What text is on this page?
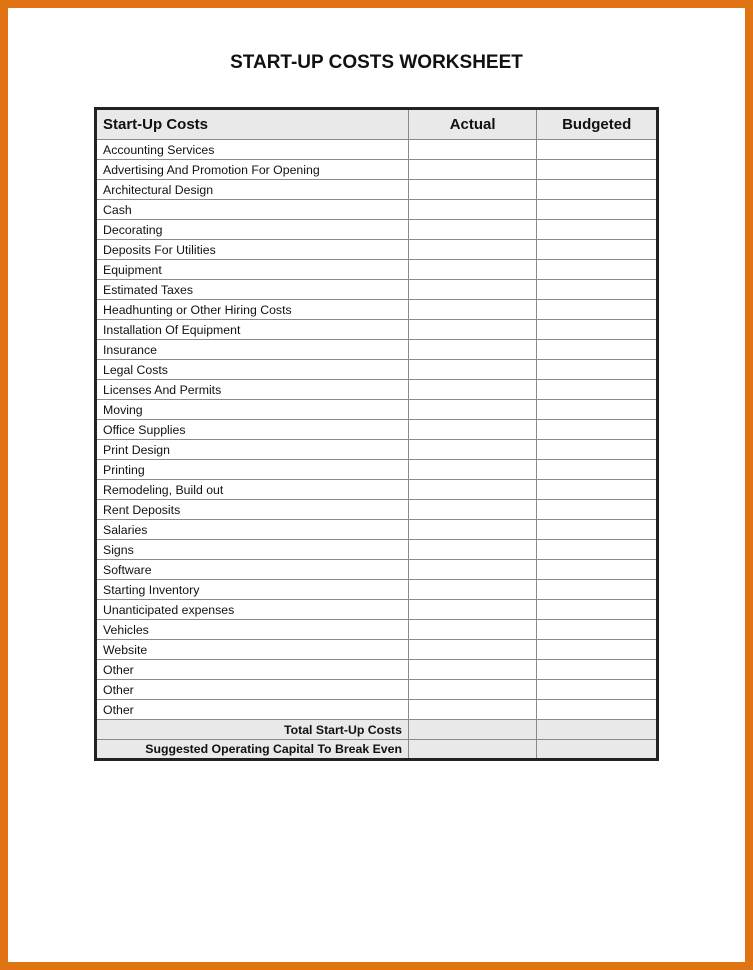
START-UP COSTS WORKSHEET
Start-Up Costs	Actual	Budgeted
Accounting Services		
Advertising And Promotion For Opening		
Architectural Design		
Cash		
Decorating		
Deposits For Utilities		
Equipment		
Estimated Taxes		
Headhunting or Other Hiring Costs		
Installation Of Equipment		
Insurance		
Legal Costs		
Licenses And Permits		
Moving		
Office Supplies		
Print Design		
Printing		
Remodeling, Build out		
Rent Deposits		
Salaries		
Signs		
Software		
Starting Inventory		
Unanticipated expenses		
Vehicles		
Website		
Other		
Other		
Other		
Total Start-Up Costs		
Suggested Operating Capital To Break Even		
